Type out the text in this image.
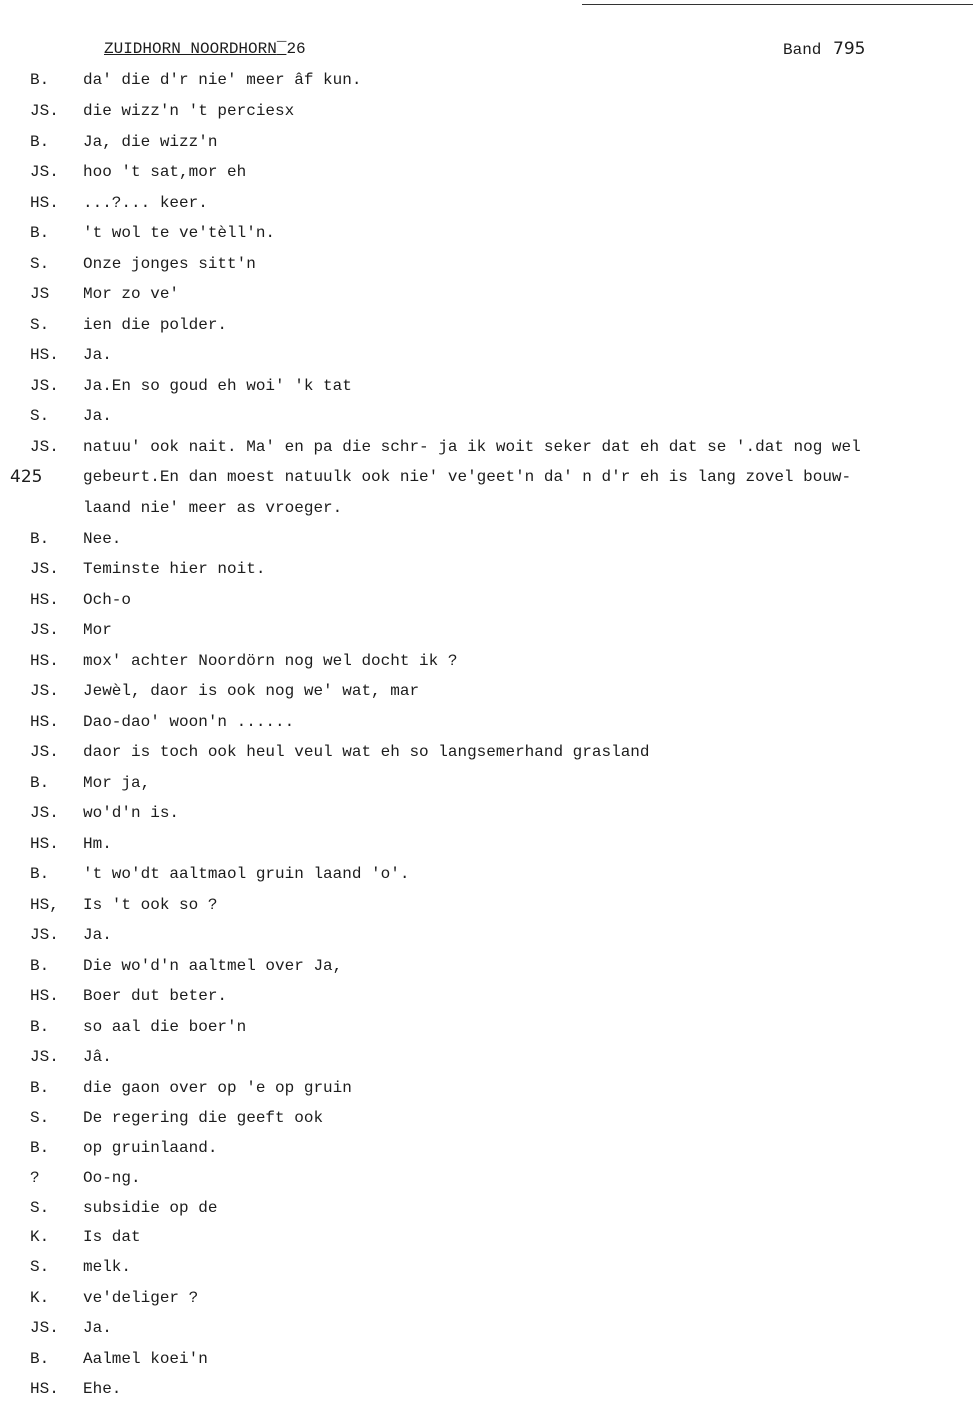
ZUIDHORN NOORDHORN‾26	Band 795
B. da' die d'r nie' meer âf kun.
JS. die wizz'n 't perciesx
B. Ja, die wizz'n
JS. hoo 't sat,mor eh
HS. ...?... keer.
B. 't wol te ve'tèll'n.
S. Onze jonges sitt'n
JS Mor zo ve'
S. ien die polder.
HS. Ja.
JS. Ja.En so goud eh woi' 'k tat
S. Ja.
JS. natuu' ook nait. Ma' en pa die schr- ja ik woit seker dat eh dat se '.dat nog wel
425	gebeurt.En dan moest natuulk ook nie' ve'geet'n da' n d'r eh is lang zovel bouw-
laand nie' meer as vroeger.
B. Nee.
JS. Teminste hier noit.
HS. Och-o
JS. Mor
HS. mox' achter Noordörn nog wel docht ik ?
JS. Jewèl, daor is ook nog we' wat, mar
HS. Dao-dao' woon'n ......
JS. daor is toch ook heul veul wat eh so langsemerhand grasland
B. Mor ja,
JS. wo'd'n is.
HS. Hm.
B. 't wo'dt aaltmaol gruin laand 'o'.
HS, Is 't ook so ?
JS. Ja.
B. Die wo'd'n aaltmel over Ja,
HS. Boer dut beter.
B. so aal die boer'n
JS. Jâ.
B. die gaon over op 'e op gruin
S. De regering die geeft ook
B. op gruinlaand.
?	Oo-ng.
S. subsidie op de
K. Is dat
S. melk.
K. ve'deliger ?
JS. Ja.
B. Aalmel koei'n
HS. Ehe.
